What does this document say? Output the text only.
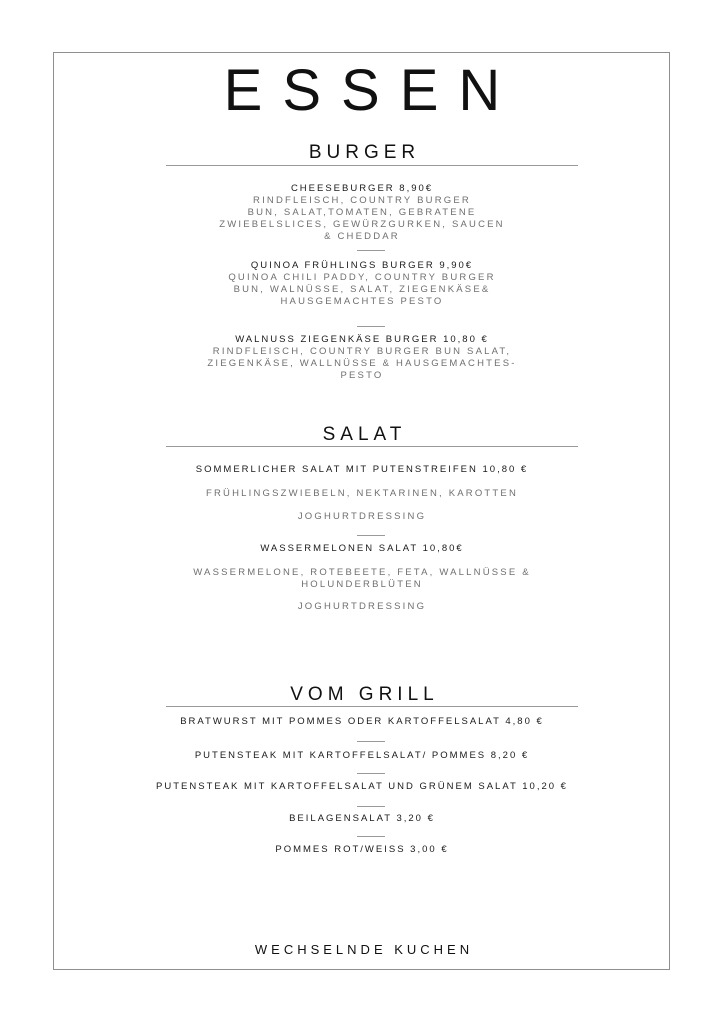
ESSEN
BURGER
CHEESEBURGER 8,90€
RINDFLEISCH, COUNTRY BURGER
BUN, SALAT,TOMATEN, GEBRATENE
ZWIEBELSLICES, GEWÜRZGURKEN, SAUCEN
& CHEDDAR
QUINOA FRÜHLINGS BURGER 9,90€
QUINOA CHILI PADDY, COUNTRY BURGER
BUN, WALNÜSSE, SALAT, ZIEGENKÄSE&
HAUSGEMACHTES PESTO
WALNUSS ZIEGENKÄSE BURGER 10,80 €
RINDFLEISCH, COUNTRY BURGER BUN SALAT,
ZIEGENKÄSE, WALLNÜSSE & HAUSGEMACHTES-
PESTO
SALAT
SOMMERLICHER SALAT MIT PUTENSTREIFEN 10,80 €
FRÜHLINGSZWIEBELN, NEKTARINEN, KAROTTEN
JOGHURTDRESSING
WASSERMELONEN SALAT 10,80€
WASSERMELONE, ROTEBEETE, FETA, WALLNÜSSE &
HOLUNDERBLÜTEN
JOGHURTDRESSING
VOM GRILL
BRATWURST MIT POMMES ODER KARTOFFELSALAT 4,80 €
PUTENSTEAK MIT KARTOFFELSALAT/ POMMES 8,20 €
PUTENSTEAK MIT KARTOFFELSALAT UND GRÜNEM SALAT 10,20 €
BEILAGENSALAT 3,20 €
POMMES ROT/WEISS 3,00 €
WECHSELNDE KUCHEN
